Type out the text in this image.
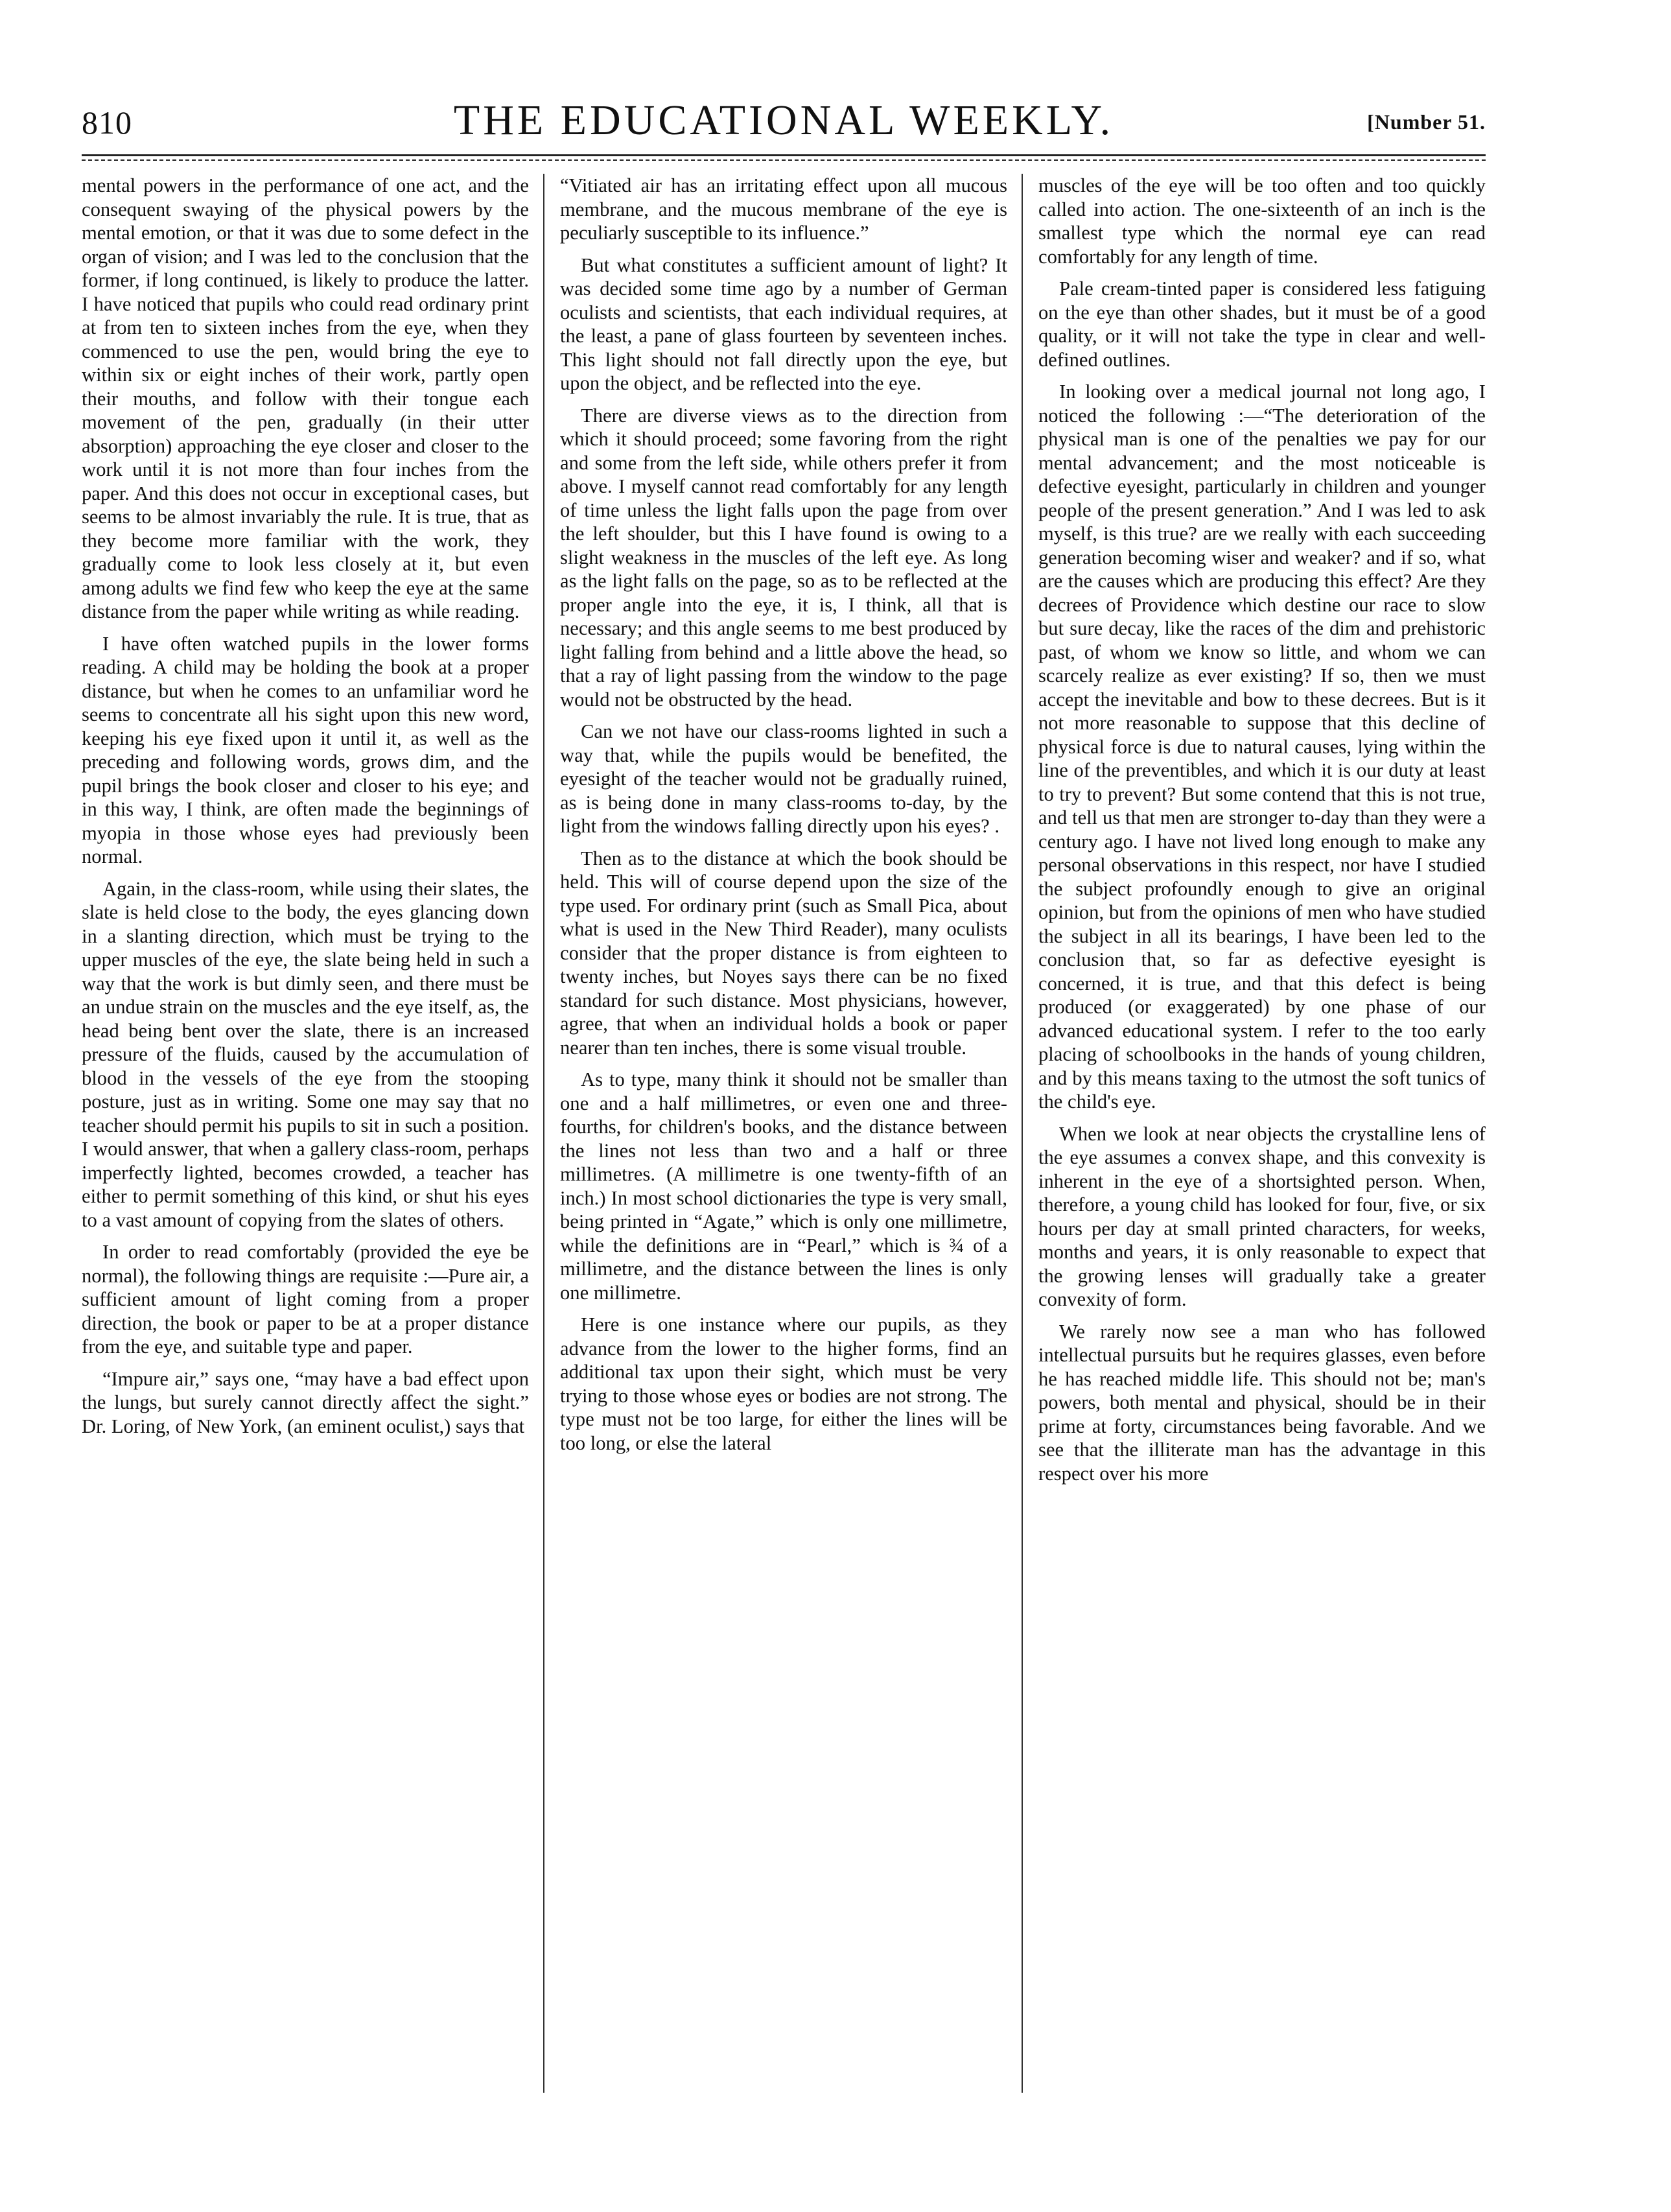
810	THE EDUCATIONAL WEEKLY.	[Number 51.

mental powers in the performance of one act, and the consequent swaying of the physical powers by the mental emotion, or that it was due to some defect in the organ of vision; and I was led to the conclusion that the former, if long continued, is likely to produce the latter. I have noticed that pupils who could read ordinary print at from ten to sixteen inches from the eye, when they commenced to use the pen, would bring the eye to within six or eight inches of their work, partly open their mouths, and follow with their tongue each movement of the pen, gradually (in their utter absorption) approaching the eye closer and closer to the work until it is not more than four inches from the paper. And this does not occur in exceptional cases, but seems to be almost invariably the rule. It is true, that as they become more familiar with the work, they gradually come to look less closely at it, but even among adults we find few who keep the eye at the same distance from the paper while writing as while reading.

I have often watched pupils in the lower forms reading. A child may be holding the book at a proper distance, but when he comes to an unfamiliar word he seems to concentrate all his sight upon this new word, keeping his eye fixed upon it until it, as well as the preceding and following words, grows dim, and the pupil brings the book closer and closer to his eye; and in this way, I think, are often made the beginnings of myopia in those whose eyes had previously been normal.

Again, in the class-room, while using their slates, the slate is held close to the body, the eyes glancing down in a slanting direction, which must be trying to the upper muscles of the eye, the slate being held in such a way that the work is but dimly seen, and there must be an undue strain on the muscles and the eye itself, as, the head being bent over the slate, there is an increased pressure of the fluids, caused by the accumulation of blood in the vessels of the eye from the stooping posture, just as in writing. Some one may say that no teacher should permit his pupils to sit in such a position. I would answer, that when a gallery class-room, perhaps imperfectly lighted, becomes crowded, a teacher has either to permit something of this kind, or shut his eyes to a vast amount of copying from the slates of others.

In order to read comfortably (provided the eye be normal), the following things are requisite :—Pure air, a sufficient amount of light coming from a proper direction, the book or paper to be at a proper distance from the eye, and suitable type and paper.

“Impure air,” says one, “may have a bad effect upon the lungs, but surely cannot directly affect the sight.” Dr. Loring, of New York, (an eminent oculist,) says that

“Vitiated air has an irritating effect upon all mucous membrane, and the mucous membrane of the eye is peculiarly susceptible to its influence.”

But what constitutes a sufficient amount of light? It was decided some time ago by a number of German oculists and scientists, that each individual requires, at the least, a pane of glass fourteen by seventeen inches. This light should not fall directly upon the eye, but upon the object, and be reflected into the eye.

There are diverse views as to the direction from which it should proceed; some favoring from the right and some from the left side, while others prefer it from above. I myself cannot read comfortably for any length of time unless the light falls upon the page from over the left shoulder, but this I have found is owing to a slight weakness in the muscles of the left eye. As long as the light falls on the page, so as to be reflected at the proper angle into the eye, it is, I think, all that is necessary; and this angle seems to me best produced by light falling from behind and a little above the head, so that a ray of light passing from the window to the page would not be obstructed by the head.

Can we not have our class-rooms lighted in such a way that, while the pupils would be benefited, the eyesight of the teacher would not be gradually ruined, as is being done in many class-rooms to-day, by the light from the windows falling directly upon his eyes? .

Then as to the distance at which the book should be held. This will of course depend upon the size of the type used. For ordinary print (such as Small Pica, about what is used in the New Third Reader), many oculists consider that the proper distance is from eighteen to twenty inches, but Noyes says there can be no fixed standard for such distance. Most physicians, however, agree, that when an individual holds a book or paper nearer than ten inches, there is some visual trouble.

As to type, many think it should not be smaller than one and a half millimetres, or even one and three-fourths, for children's books, and the distance between the lines not less than two and a half or three millimetres. (A millimetre is one twenty-fifth of an inch.) In most school dictionaries the type is very small, being printed in “Agate,” which is only one millimetre, while the definitions are in “Pearl,” which is ¾ of a millimetre, and the distance between the lines is only one millimetre.

Here is one instance where our pupils, as they advance from the lower to the higher forms, find an additional tax upon their sight, which must be very trying to those whose eyes or bodies are not strong. The type must not be too large, for either the lines will be too long, or else the lateral

muscles of the eye will be too often and too quickly called into action. The one-sixteenth of an inch is the smallest type which the normal eye can read comfortably for any length of time.

Pale cream-tinted paper is considered less fatiguing on the eye than other shades, but it must be of a good quality, or it will not take the type in clear and well-defined outlines.

In looking over a medical journal not long ago, I noticed the following :—“The deterioration of the physical man is one of the penalties we pay for our mental advancement; and the most noticeable is defective eyesight, particularly in children and younger people of the present generation.” And I was led to ask myself, is this true? are we really with each succeeding generation becoming wiser and weaker? and if so, what are the causes which are producing this effect? Are they decrees of Providence which destine our race to slow but sure decay, like the races of the dim and prehistoric past, of whom we know so little, and whom we can scarcely realize as ever existing? If so, then we must accept the inevitable and bow to these decrees. But is it not more reasonable to suppose that this decline of physical force is due to natural causes, lying within the line of the preventibles, and which it is our duty at least to try to prevent? But some contend that this is not true, and tell us that men are stronger to-day than they were a century ago. I have not lived long enough to make any personal observations in this respect, nor have I studied the subject profoundly enough to give an original opinion, but from the opinions of men who have studied the subject in all its bearings, I have been led to the conclusion that, so far as defective eyesight is concerned, it is true, and that this defect is being produced (or exaggerated) by one phase of our advanced educational system. I refer to the too early placing of schoolbooks in the hands of young children, and by this means taxing to the utmost the soft tunics of the child's eye.

When we look at near objects the crystalline lens of the eye assumes a convex shape, and this convexity is inherent in the eye of a shortsighted person. When, therefore, a young child has looked for four, five, or six hours per day at small printed characters, for weeks, months and years, it is only reasonable to expect that the growing lenses will gradually take a greater convexity of form.

We rarely now see a man who has followed intellectual pursuits but he requires glasses, even before he has reached middle life. This should not be; man's powers, both mental and physical, should be in their prime at forty, circumstances being favorable. And we see that the illiterate man has the advantage in this respect over his more
